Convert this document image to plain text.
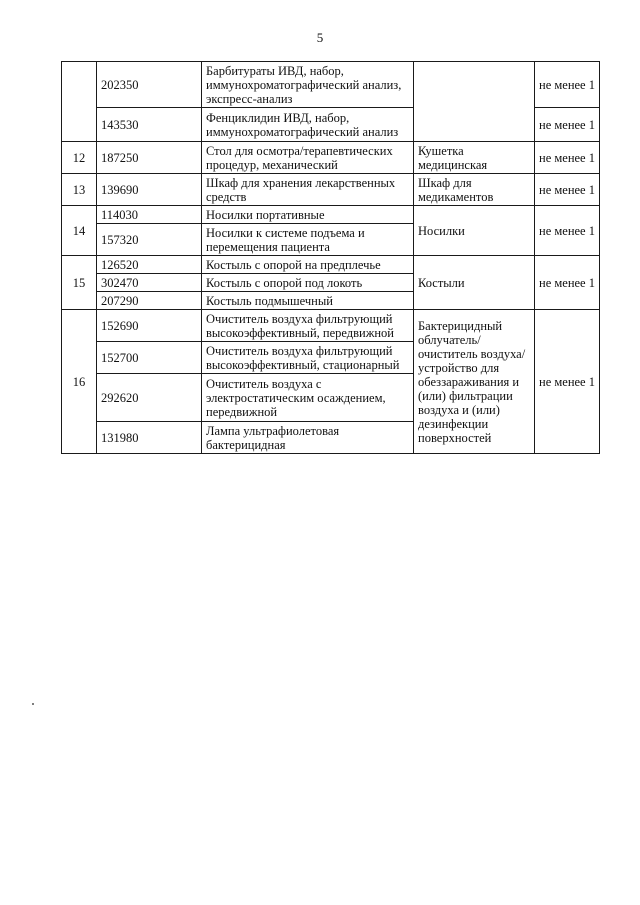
5
	202350	Барбитураты ИВД, набор, иммунохроматографический анализ, экспресс-анализ		не менее 1
	143530	Фенциклидин ИВД, набор, иммунохроматографический анализ		не менее 1
12	187250	Стол для осмотра/терапевтических процедур, механический	Кушетка медицинская	не менее 1
13	139690	Шкаф для хранения лекарственных средств	Шкаф для медикаментов	не менее 1
14	114030	Носилки портативные	Носилки	не менее 1
	157320	Носилки к системе подъема и перемещения пациента		
15	126520	Костыль с опорой на предплечье	Костыли	не менее 1
	302470	Костыль с опорой под локоть		
	207290	Костыль подмышечный		
16	152690	Очиститель воздуха фильтрующий высокоэффективный, передвижной	Бактерицидный облучатель/ очиститель воздуха/ устройство для обеззараживания и (или) фильтрации воздуха и (или) дезинфекции поверхностей	не менее 1
	152700	Очиститель воздуха фильтрующий высокоэффективный, стационарный		
	292620	Очиститель воздуха с электростатическим осаждением, передвижной		
	131980	Лампа ультрафиолетовая бактерицидная		
